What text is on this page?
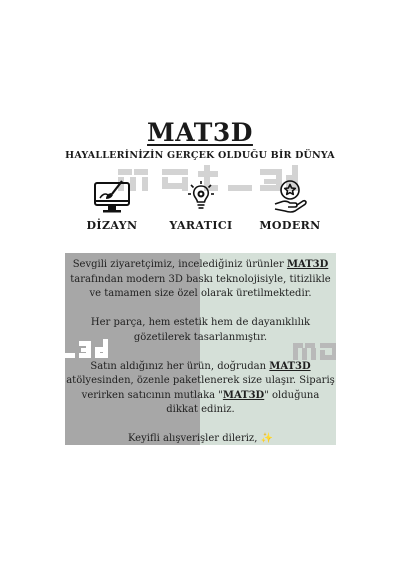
MAT3D
HAYALLERİNİZİN GERÇEK OLDUĞU BİR DÜNYA
DİZAYN	YARATICI	MODERN

Sevgili ziyaretçimiz, incelediğiniz ürünler MAT3D tarafından modern 3D baskı teknolojisiyle, titizlikle ve tamamen size özel olarak üretilmektedir.

Her parça, hem estetik hem de dayanıklılık gözetilerek tasarlanmıştır.

Satın aldığınız her ürün, doğrudan MAT3D atölyesinden, özenle paketlenerek size ulaşır. Sipariş verirken satıcının mutlaka "MAT3D" olduğuna dikkat ediniz.

Keyifli alışverişler dileriz, ✨
